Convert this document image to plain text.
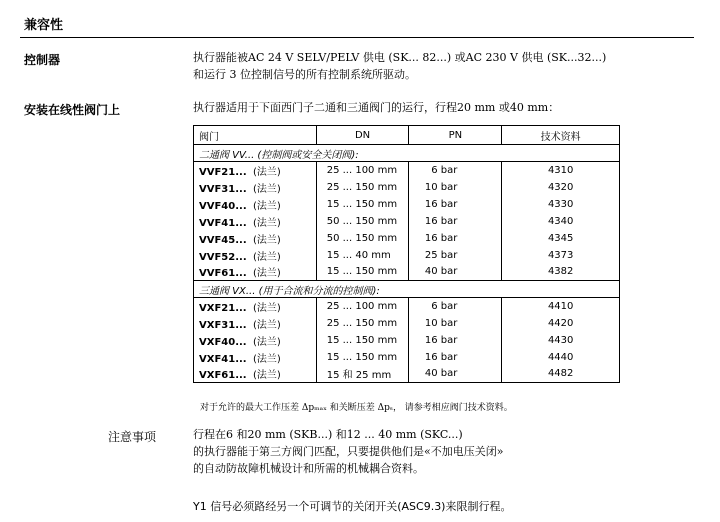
兼容性
控制器	执行器能被AC 24 V SELV/PELV 供电 (SK... 82...) 或AC 230 V 供电 (SK...32...)
和运行 3 位控制信号的所有控制系统所驱动。
安装在线性阀门上	执行器适用于下面西门子二通和三通阀门的运行，行程20 mm 或40 mm：
阀门	DN	PN	技术资料
二通阀 VV... (控制阀或安全关闭阀):			
VVF21... (法兰)	25 ... 100 mm	6 bar	4310
VVF31... (法兰)	25 ... 150 mm	10 bar	4320
VVF40... (法兰)	15 ... 150 mm	16 bar	4330
VVF41... (法兰)	50 ... 150 mm	16 bar	4340
VVF45... (法兰)	50 ... 150 mm	16 bar	4345
VVF52... (法兰)	15 ... 40 mm	25 bar	4373
VVF61... (法兰)	15 ... 150 mm	40 bar	4382
三通阀 VX... (用于合流和分流的控制阀):			
VXF21... (法兰)	25 ... 100 mm	6 bar	4410
VXF31... (法兰)	25 ... 150 mm	10 bar	4420
VXF40... (法兰)	15 ... 150 mm	16 bar	4430
VXF41... (法兰)	15 ... 150 mm	16 bar	4440
VXF61... (法兰)	15 和 25 mm	40 bar	4482
对于允许的最大工作压差 Δpₘₐₓ 和关断压差 Δpₛ， 请参考相应阀门技术资料。
注意事项	行程在6 和20 mm (SKB...) 和12 ... 40 mm (SKC...)
的执行器能于第三方阀门匹配，只要提供他们是«不加电压关闭»
的自动防故障机械设计和所需的机械耦合资料。
Y1 信号必须路经另一个可调节的关闭开关(ASC9.3)来限制行程。
